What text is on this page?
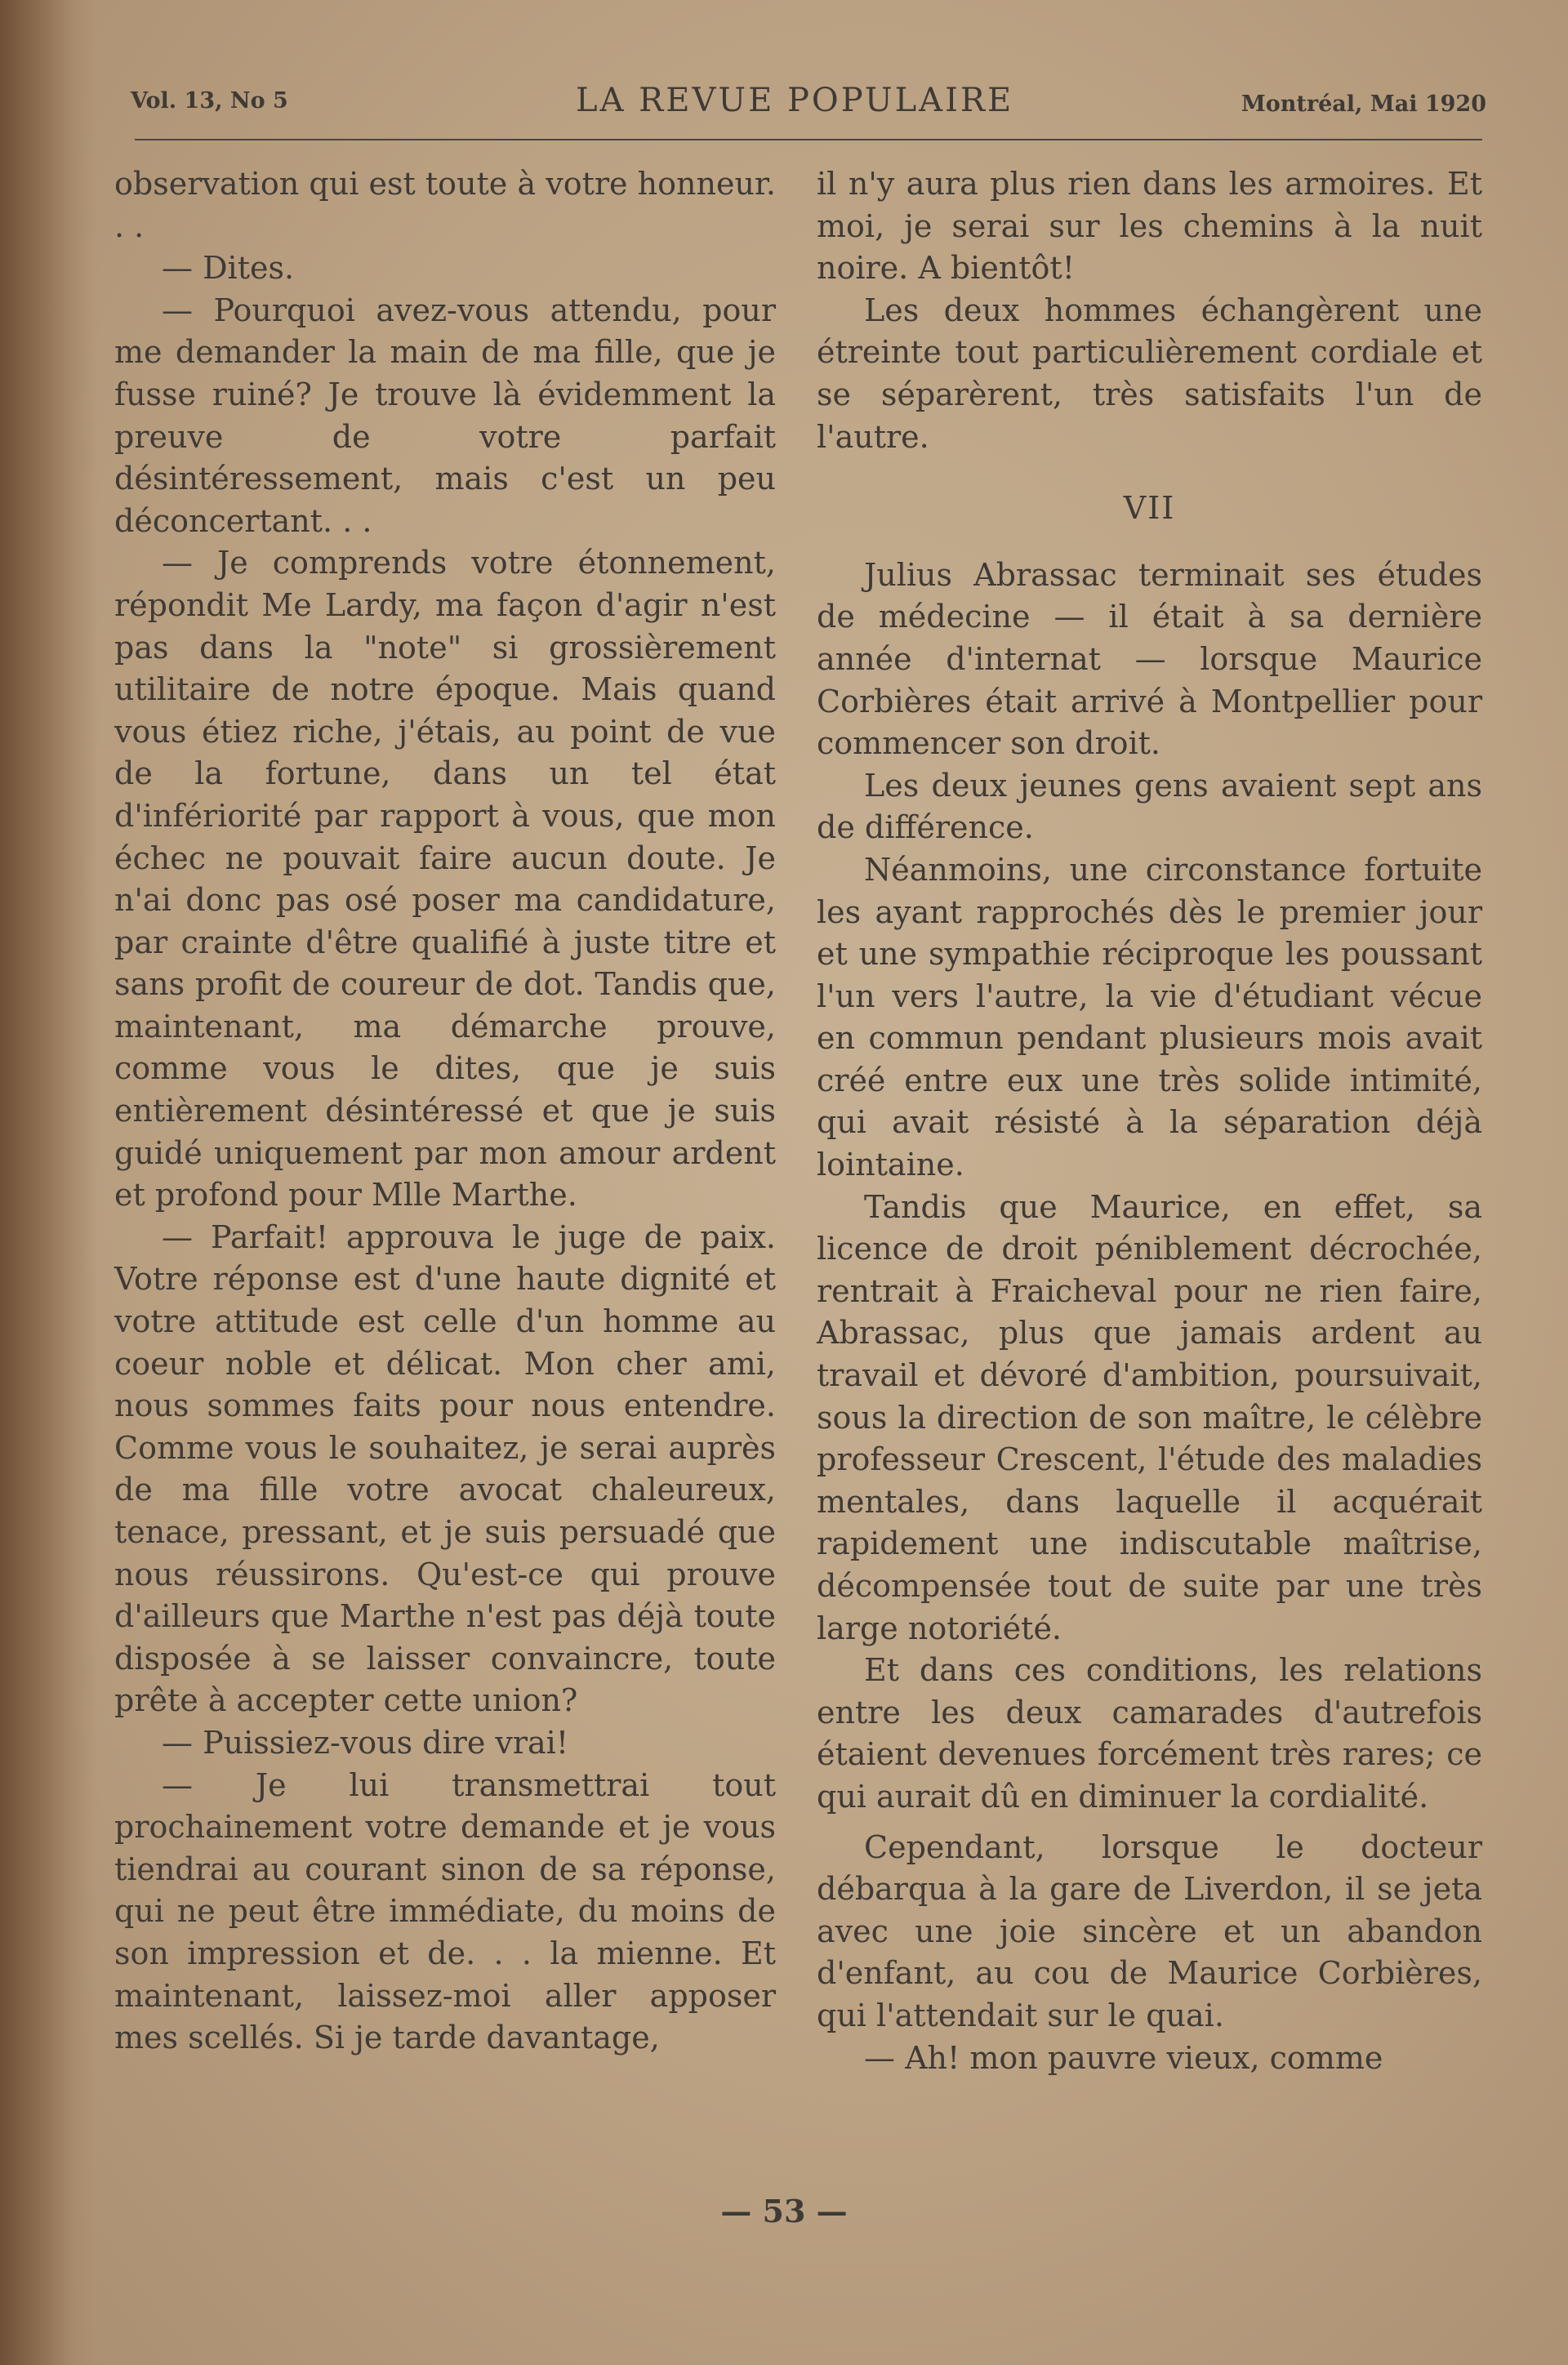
Vol. 13, No 5	LA REVUE POPULAIRE	Montréal, Mai 1920

observation qui est toute à votre honneur. . .

— Dites.

— Pourquoi avez-vous attendu, pour me demander la main de ma fille, que je fusse ruiné? Je trouve là évidemment la preuve de votre parfait désintéressement, mais c'est un peu déconcertant. . .

— Je comprends votre étonnement, répondit Me Lardy, ma façon d'agir n'est pas dans la "note" si grossièrement utilitaire de notre époque. Mais quand vous étiez riche, j'étais, au point de vue de la fortune, dans un tel état d'infériorité par rapport à vous, que mon échec ne pouvait faire aucun doute. Je n'ai donc pas osé poser ma candidature, par crainte d'être qualifié à juste titre et sans profit de coureur de dot. Tandis que, maintenant, ma démarche prouve, comme vous le dites, que je suis entièrement désintéressé et que je suis guidé uniquement par mon amour ardent et profond pour Mlle Marthe.

— Parfait! approuva le juge de paix. Votre réponse est d'une haute dignité et votre attitude est celle d'un homme au coeur noble et délicat. Mon cher ami, nous sommes faits pour nous entendre. Comme vous le souhaitez, je serai auprès de ma fille votre avocat chaleureux, tenace, pressant, et je suis persuadé que nous réussirons. Qu'est-ce qui prouve d'ailleurs que Marthe n'est pas déjà toute disposée à se laisser convaincre, toute prête à accepter cette union?

— Puissiez-vous dire vrai!

— Je lui transmettrai tout prochainement votre demande et je vous tiendrai au courant sinon de sa réponse, qui ne peut être immédiate, du moins de son impression et de. . . la mienne. Et maintenant, laissez-moi aller apposer mes scellés. Si je tarde davantage,

il n'y aura plus rien dans les armoires. Et moi, je serai sur les chemins à la nuit noire. A bientôt!

Les deux hommes échangèrent une étreinte tout particulièrement cordiale et se séparèrent, très satisfaits l'un de l'autre.

VII

Julius Abrassac terminait ses études de médecine — il était à sa dernière année d'internat — lorsque Maurice Corbières était arrivé à Montpellier pour commencer son droit.

Les deux jeunes gens avaient sept ans de différence.

Néanmoins, une circonstance fortuite les ayant rapprochés dès le premier jour et une sympathie réciproque les poussant l'un vers l'autre, la vie d'étudiant vécue en commun pendant plusieurs mois avait créé entre eux une très solide intimité, qui avait résisté à la séparation déjà lointaine.

Tandis que Maurice, en effet, sa licence de droit péniblement décrochée, rentrait à Fraicheval pour ne rien faire, Abrassac, plus que jamais ardent au travail et dévoré d'ambition, poursuivait, sous la direction de son maître, le célèbre professeur Crescent, l'étude des maladies mentales, dans laquelle il acquérait rapidement une indiscutable maîtrise, décompensée tout de suite par une très large notoriété.

Et dans ces conditions, les relations entre les deux camarades d'autrefois étaient devenues forcément très rares; ce qui aurait dû en diminuer la cordialité.

Cependant, lorsque le docteur débarqua à la gare de Liverdon, il se jeta avec une joie sincère et un abandon d'enfant, au cou de Maurice Corbières, qui l'attendait sur le quai.

— Ah! mon pauvre vieux, comme

— 53 —
